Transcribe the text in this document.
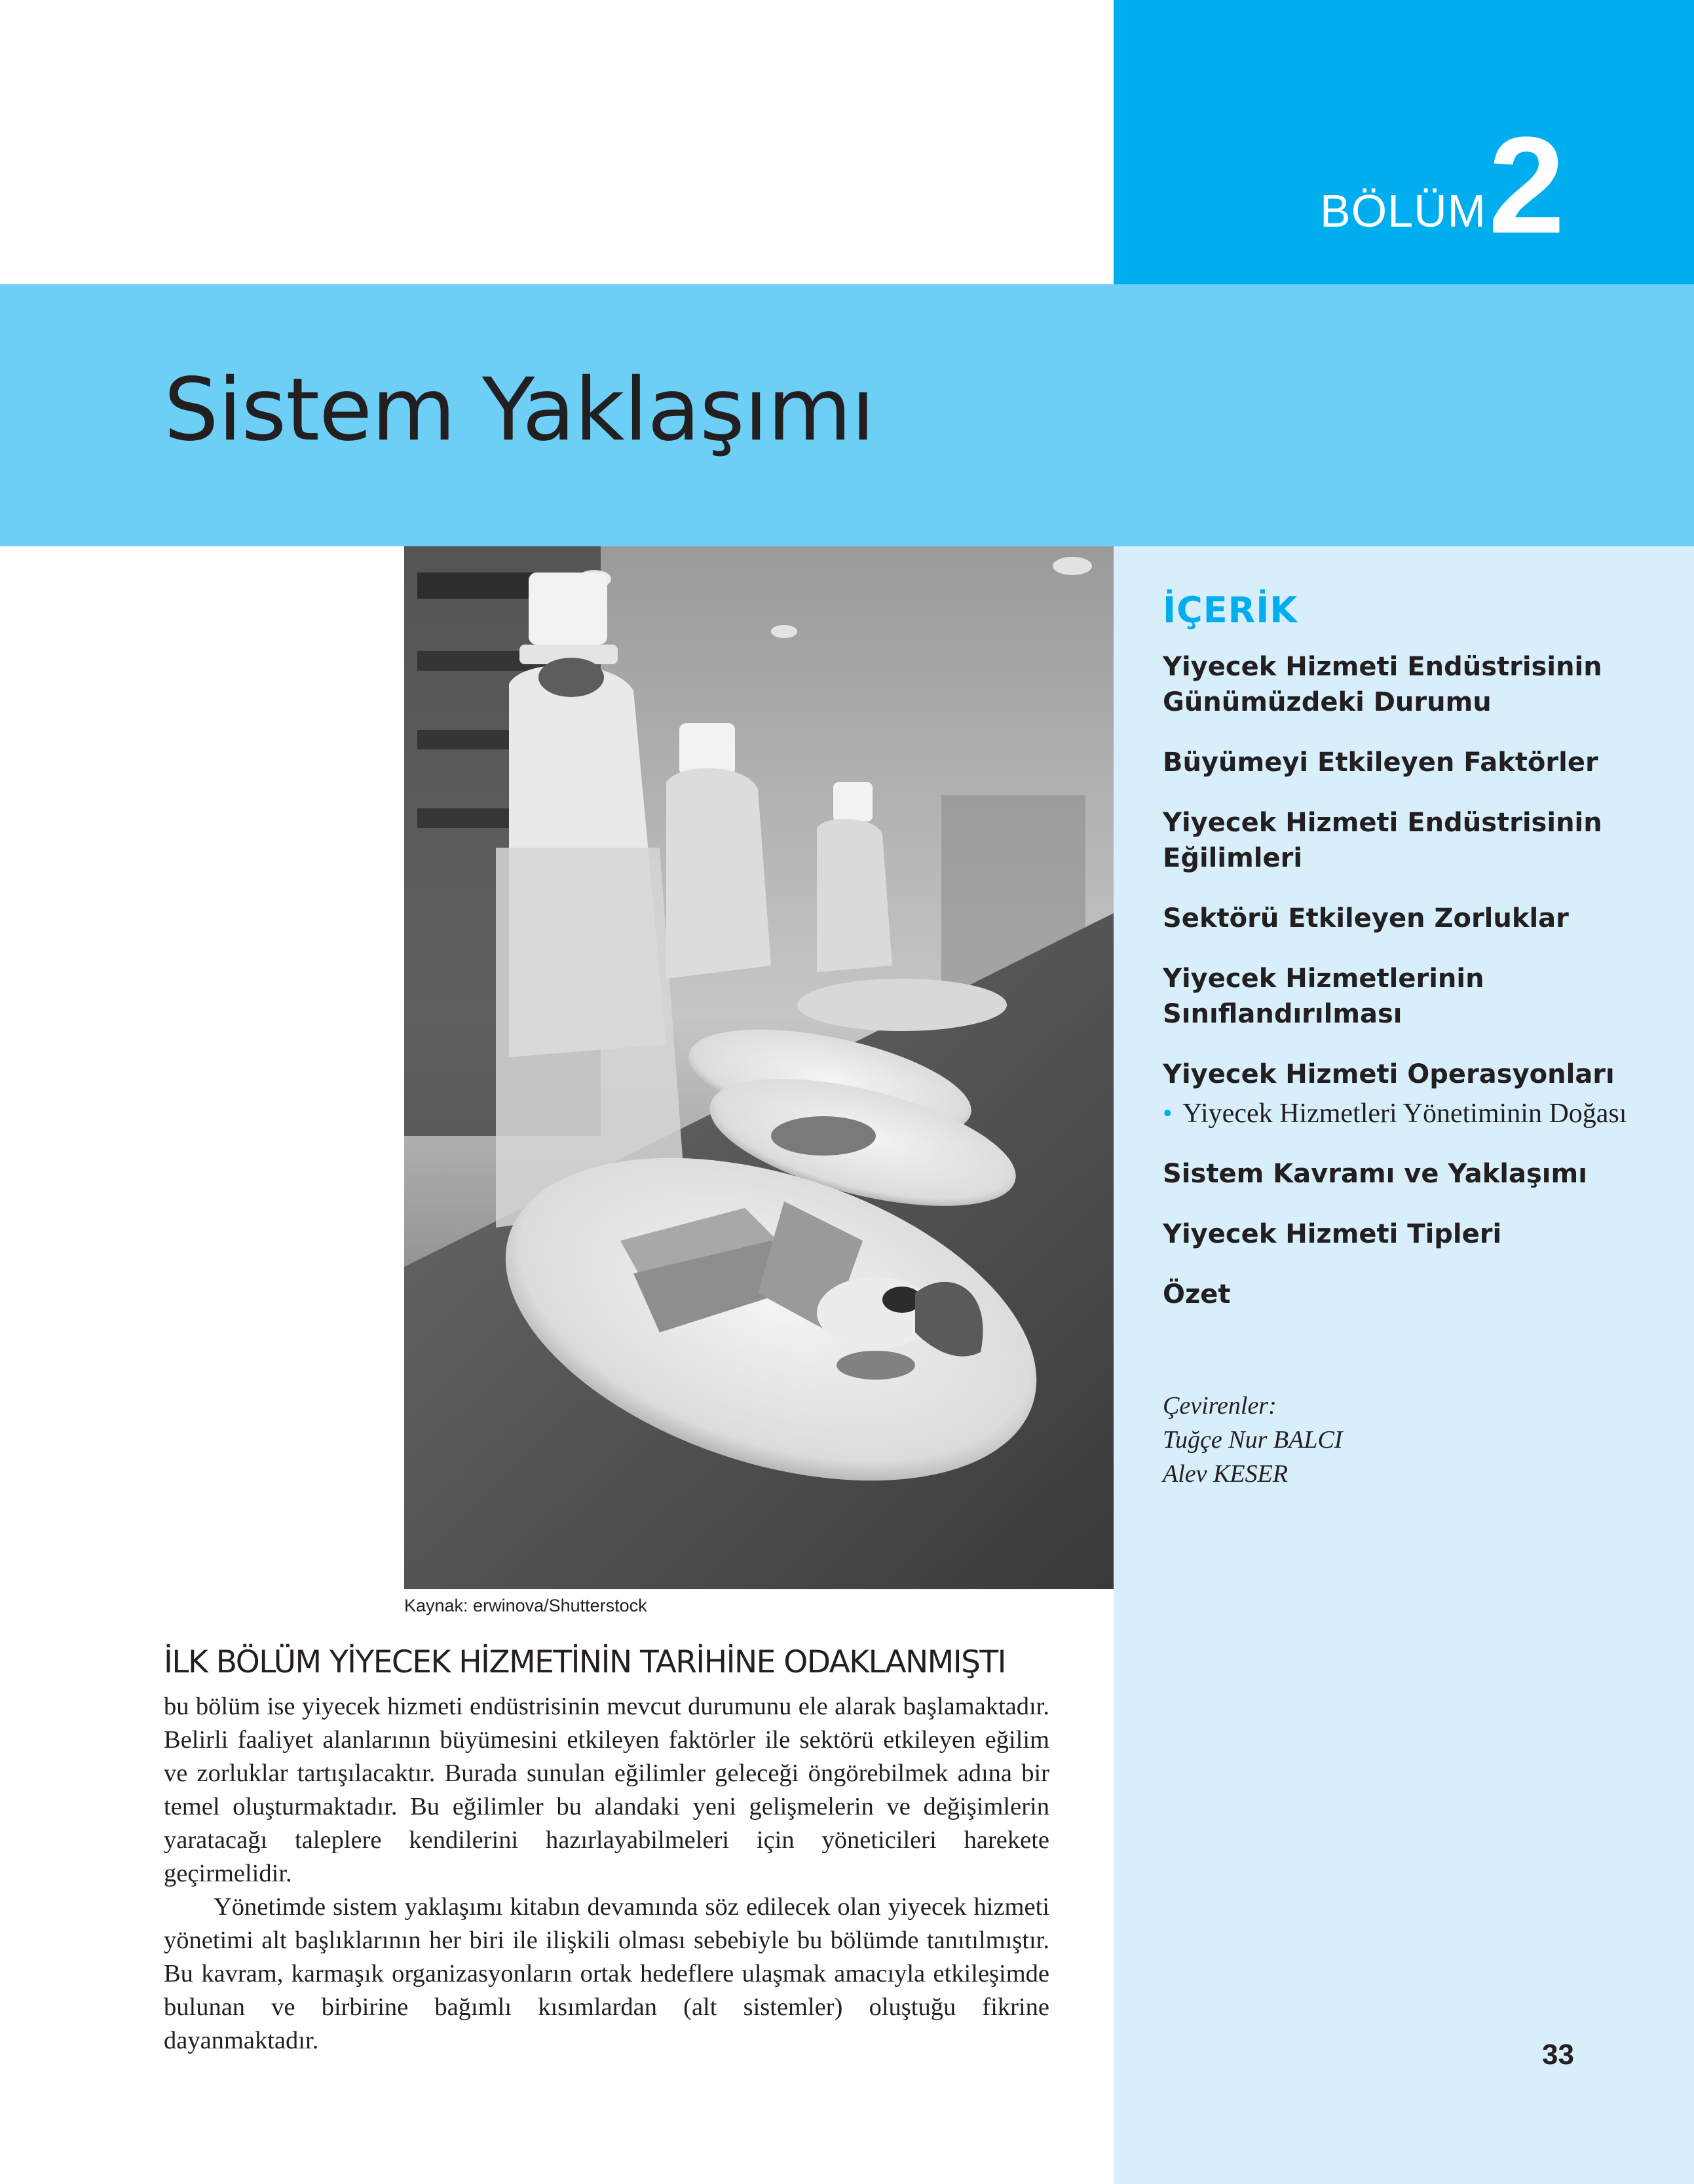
BÖLÜM 2
Sistem Yaklaşımı
Kaynak: erwinova/Shutterstock
İÇERİK
Yiyecek Hizmeti Endüstrisinin Günümüzdeki Durumu
Büyümeyi Etkileyen Faktörler
Yiyecek Hizmeti Endüstrisinin Eğilimleri
Sektörü Etkileyen Zorluklar
Yiyecek Hizmetlerinin Sınıflandırılması
Yiyecek Hizmeti Operasyonları
• Yiyecek Hizmetleri Yönetiminin Doğası
Sistem Kavramı ve Yaklaşımı
Yiyecek Hizmeti Tipleri
Özet
Çevirenler:
Tuğçe Nur BALCI
Alev KESER
İLK BÖLÜM YİYECEK HİZMETİNİN TARİHİNE ODAKLANMIŞTI

bu bölüm ise yiyecek hizmeti endüstrisinin mevcut durumunu ele alarak başlamaktadır. Belirli faaliyet alanlarının büyümesini etkileyen faktörler ile sektörü etkileyen eğilim ve zorluklar tartışılacaktır. Burada sunulan eğilimler geleceği öngörebilmek adına bir temel oluşturmaktadır. Bu eğilimler bu alandaki yeni gelişmelerin ve değişimlerin yaratacağı taleplere kendilerini hazırlayabilmeleri için yöneticileri harekete geçirmelidir.

Yönetimde sistem yaklaşımı kitabın devamında söz edilecek olan yiyecek hizmeti yönetimi alt başlıklarının her biri ile ilişkili olması sebebiyle bu bölümde tanıtılmıştır. Bu kavram, karmaşık organizasyonların ortak hedeflere ulaşmak amacıyla etkileşimde bulunan ve birbirine bağımlı kısımlardan (alt sistemler) oluştuğu fikrine dayanmaktadır.	33
